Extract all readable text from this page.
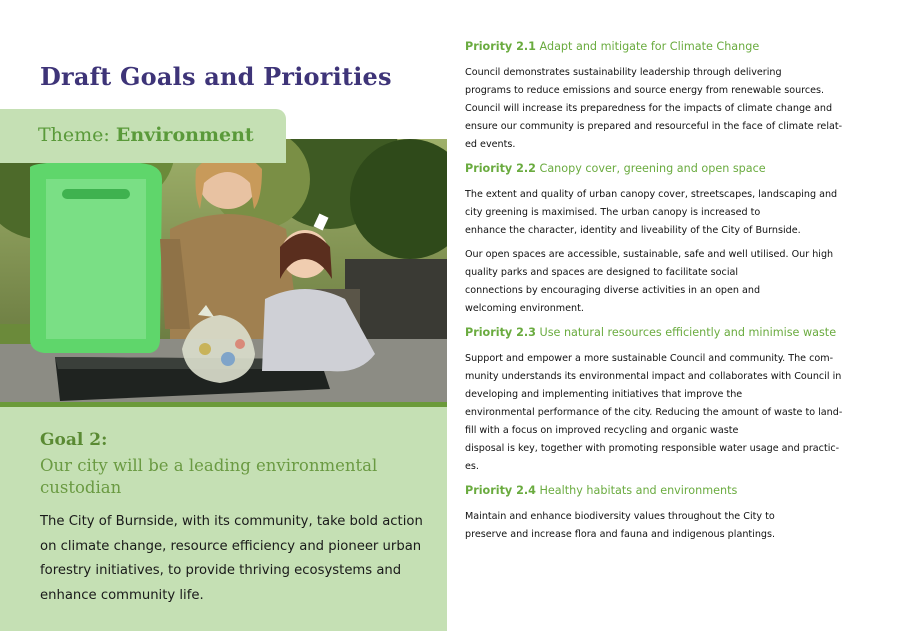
Draft Goals and Priorities
Theme: Environment
Goal 2:

Our city will be a leading environmental custodian

The City of Burnside, with its community, take bold action on climate change, resource efficiency and pioneer urban forestry initiatives, to provide thriving ecosystems and enhance community life.

Priority 2.1 Adapt and mitigate for Climate Change

Council demonstrates sustainability leadership through delivering
programs to reduce emissions and source energy from renewable sources.
Council will increase its preparedness for the impacts of climate change and
ensure our community is prepared and resourceful in the face of climate relat-
ed events.

Priority 2.2 Canopy cover, greening and open space

The extent and quality of urban canopy cover, streetscapes, landscaping and
city greening is maximised. The urban canopy is increased to
enhance the character, identity and liveability of the City of Burnside.
Our open spaces are accessible, sustainable, safe and well utilised. Our high
quality parks and spaces are designed to facilitate social
connections by encouraging diverse activities in an open and
welcoming environment.

Priority 2.3 Use natural resources efficiently and minimise waste

Support and empower a more sustainable Council and community. The com-
munity understands its environmental impact and collaborates with Council in
developing and implementing initiatives that improve the
environmental performance of the city. Reducing the amount of waste to land-
fill with a focus on improved recycling and organic waste
disposal is key, together with promoting responsible water usage and practic-
es.

Priority 2.4 Healthy habitats and environments

Maintain and enhance biodiversity values throughout the City to
preserve and increase flora and fauna and indigenous plantings.
